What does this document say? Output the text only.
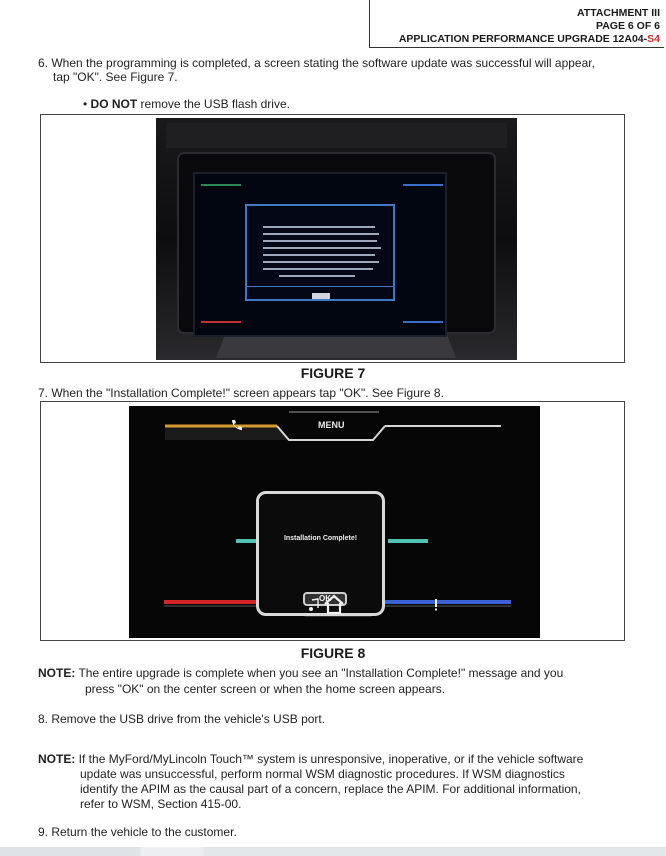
ATTACHMENT III
PAGE 6 OF 6
APPLICATION PERFORMANCE UPGRADE 12A04-S4
6. When the programming is completed, a screen stating the software update was successful will appear,
tap "OK". See Figure 7.
• DO NOT remove the USB flash drive.
FIGURE 7
7. When the "Installation Complete!" screen appears tap "OK". See Figure 8.
MENU
Installation Complete!
OK
FIGURE 8
NOTE: The entire upgrade is complete when you see an "Installation Complete!" message and you
press "OK" on the center screen or when the home screen appears.
8. Remove the USB drive from the vehicle's USB port.
NOTE: If the MyFord/MyLincoln Touch™ system is unresponsive, inoperative, or if the vehicle software
update was unsuccessful, perform normal WSM diagnostic procedures. If WSM diagnostics
identify the APIM as the causal part of a concern, replace the APIM. For additional information,
refer to WSM, Section 415-00.
9. Return the vehicle to the customer.
